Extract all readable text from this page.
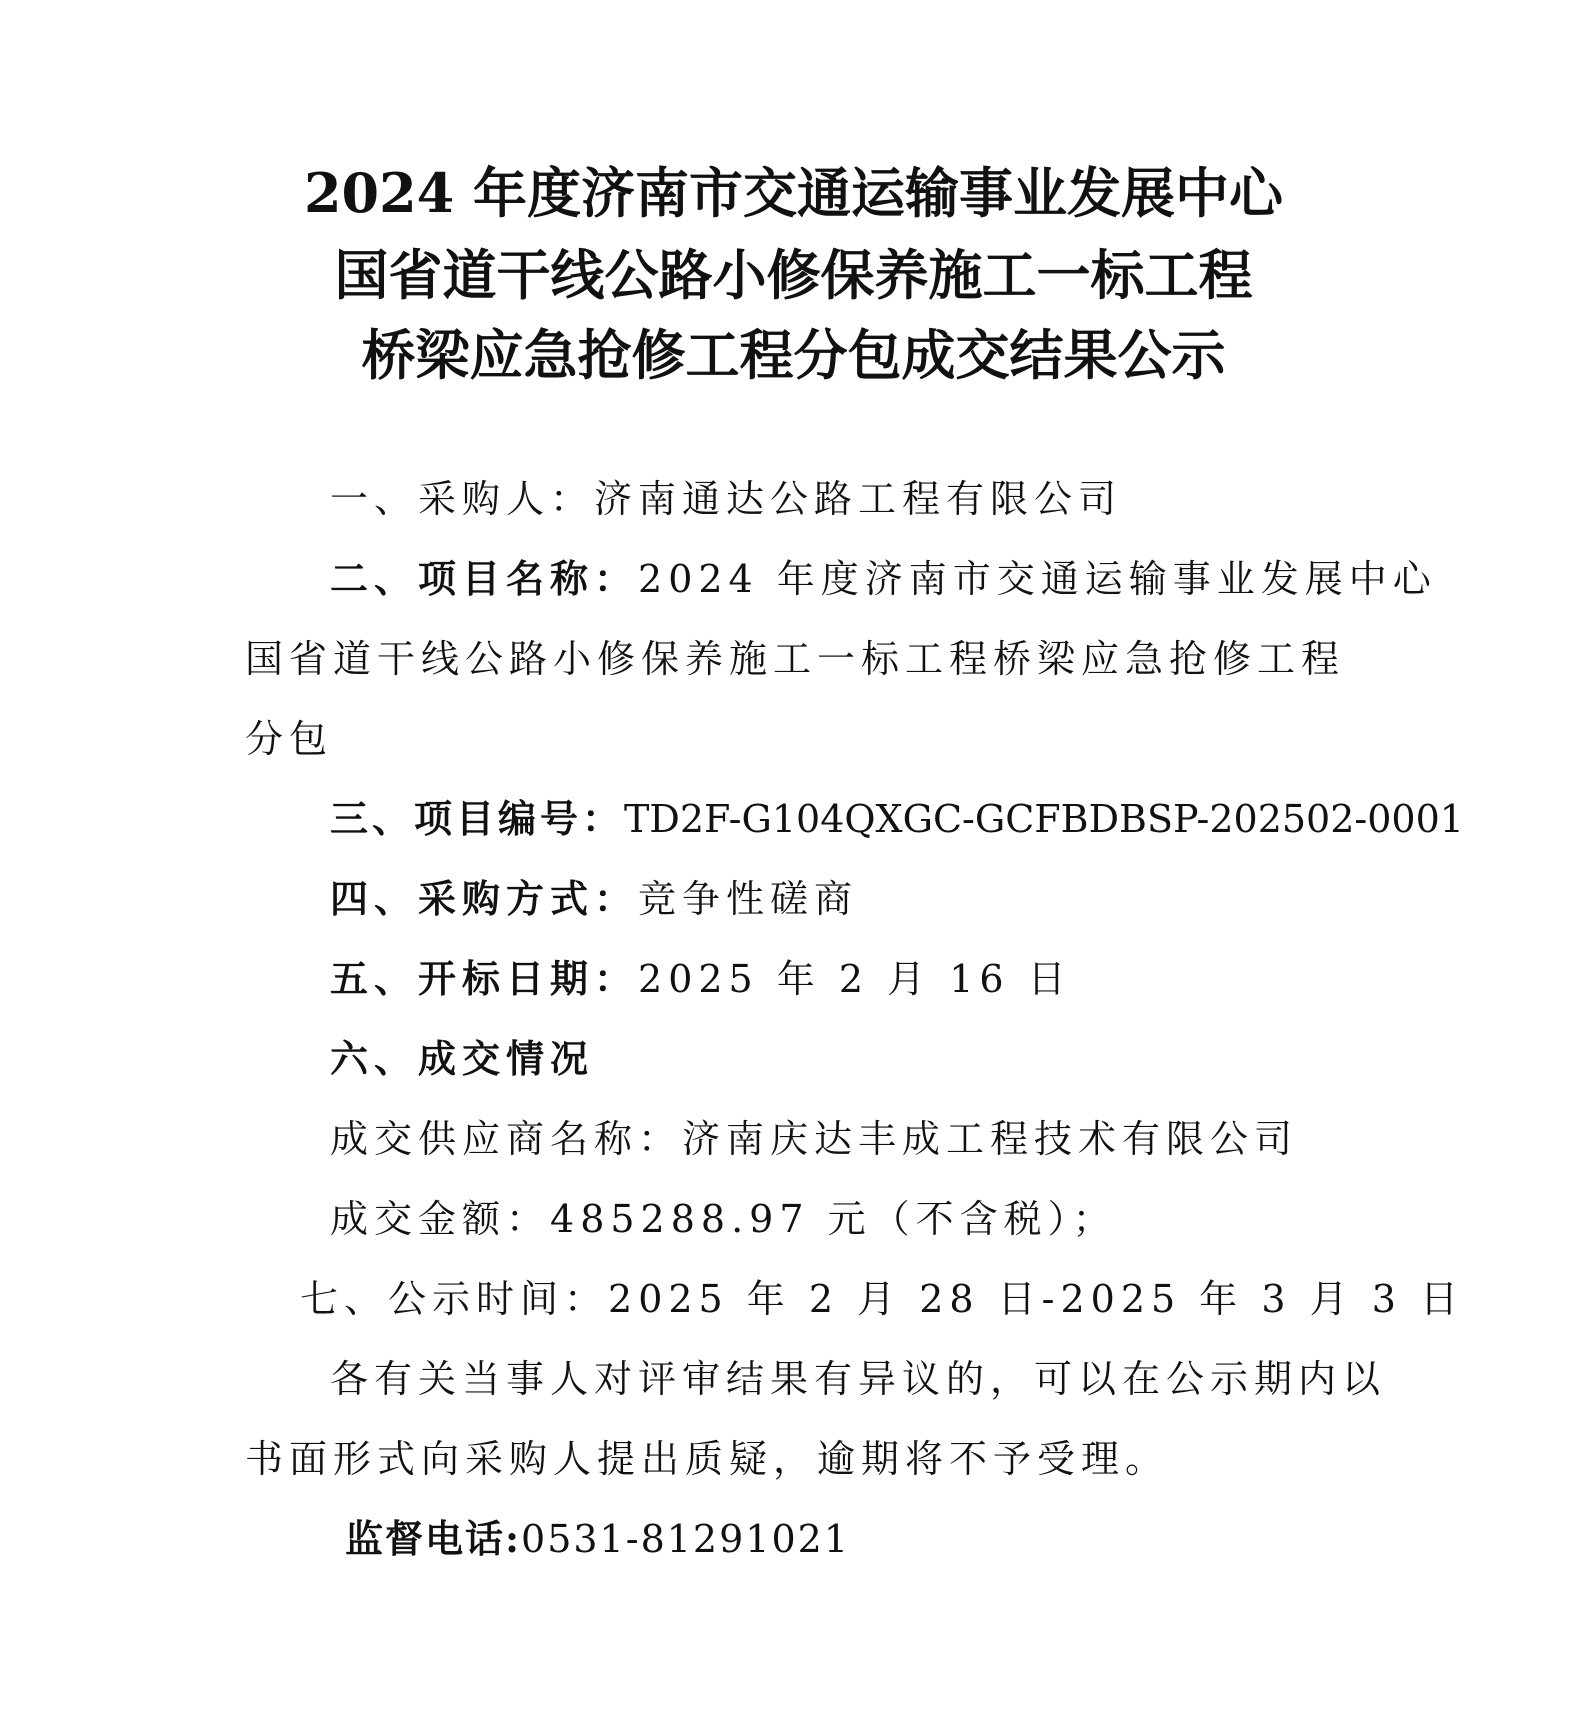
2024 年度济南市交通运输事业发展中心
国省道干线公路小修保养施工一标工程
桥梁应急抢修工程分包成交结果公示
一、采购人：济南通达公路工程有限公司
二、项目名称：2024 年度济南市交通运输事业发展中心
国省道干线公路小修保养施工一标工程桥梁应急抢修工程
分包
三、项目编号：TD2F-G104QXGC-GCFBDBSP-202502-0001
四、采购方式：竞争性磋商
五、开标日期：2025 年 2 月 16 日
六、成交情况
成交供应商名称：济南庆达丰成工程技术有限公司
成交金额：485288.97 元（不含税）；
七、公示时间：2025 年 2 月 28 日-2025 年 3 月 3 日
各有关当事人对评审结果有异议的，可以在公示期内以
书面形式向采购人提出质疑，逾期将不予受理。
监督电话:0531-81291021
